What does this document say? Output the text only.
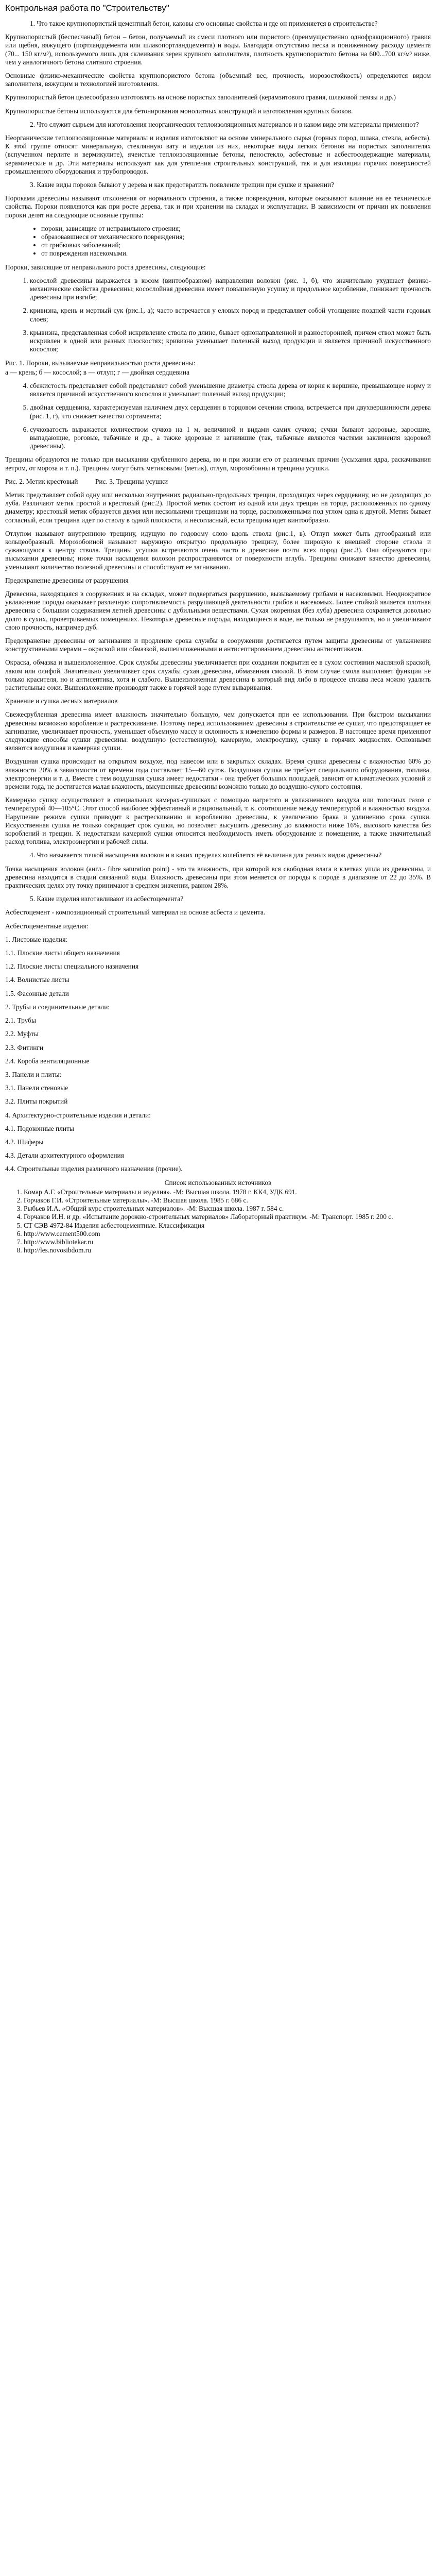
Контрольная работа по "Строительству"

1. Что такое крупнопористый цементный бетон, каковы его основные свойства и где он применяется в строительстве?

Крупнопористый (беспесчаный) бетон – бетон, получаемый из смеси плотного или пористого (преимущественно однофракционного) гравия или щебня, вяжущего (портландцемента или шлакопортландцемента) и воды. Благодаря отсутствию песка и пониженному расходу цемента (70... 150 кг/м³), используемого лишь для склеивания зерен крупного заполнителя, плотность крупнопористого бетона на 600...700 кг/м³ ниже, чем у аналогичного бетона слитного строения.

Основные физико-механические свойства крупнопористого бетона (объемный вес, прочность, морозостойкость) определяются видом заполнителя, вяжущим и технологией изготовления.

Крупнопористый бетон целесообразно изготовлять на основе пористых заполнителей (керамзитового гравия, шлаковой пемзы и др.)

Крупнопористые бетоны используются для бетонирования монолитных конструкций и изготовления крупных блоков.

2. Что служит сырьем для изготовления неорганических теплоизоляционных материалов и в каком виде эти материалы применяют?

Неорганические теплоизоляционные материалы и изделия изготовляют на основе минерального сырья (горных пород, шлака, стекла, асбеста). К этой группе относят минеральную, стеклянную вату и изделия из них, некоторые виды легких бетонов на пористых заполнителях (вспученном перлите и вермикулите), ячеистые теплоизоляционные бетоны, пеностекло, асбестовые и асбестосодержащие материалы, керамические и др. Эти материалы используют как для утепления строительных конструкций, так и для изоляции горячих поверхностей промышленного оборудования и трубопроводов.

3. Какие виды пороков бывают у дерева и как предотвратить появление трещин при сушке и хранении?

Пороками древесины называют отклонения от нормального строения, а также повреждения, которые оказывают влияние на ее технические свойства. Пороки появляются как при росте дерева, так и при хранении на складах и эксплуатации. В зависимости от причин их появления пороки делят на следующие основные группы:

• пороки, зависящие от неправильного строения;
• образовавшиеся от механического повреждения;
• от грибковых заболеваний;
• от повреждения насекомыми.

Пороки, зависящие от неправильного роста древесины, следующие:

1. косослой древесины выражается в косом (винтообразном) направлении волокон (рис. 1, б), что значительно ухудшает физико-механические свойства древесины; косослойная древесина имеет повышенную усушку и продольное коробление, понижает прочность древесины при изгибе;
2. кривизна, крень и мертвый сук (рис.1, а); часто встречается у еловых пород и представляет собой утолщение поздней части годовых слоев;
3. крывизна, представленная собой искривление ствола по длине, бывает однонаправленной и разносторонней, причем ствол может быть искривлен в одной или разных плоскостях; кривизна уменьшает полезный выход продукции и является причиной искусственного косослоя;

Рис. 1. Пороки, вызываемые неправильностью роста древесины:

а — крень; б — косослой; в — отлуп; г — двойная сердцевина

4. сбежистость представляет собой представляет собой уменьшение диаметра ствола дерева от корня к вершине, превышающее норму и является причиной искусственного косослоя и уменьшает полезный выход продукции;
5. двойная сердцевина, характеризуемая наличием двух сердцевин в торцовом сечении ствола, встречается при двухвершинности дерева (рис. 1, г), что снижает качество сортамента;
6. сучковатость выражается количеством сучков на 1 м, величиной и видами самих сучков; сучки бывают здоровые, заросшие, выпадающие, роговые, табачные и др., а также здоровые и загнившие (так, табачные являются частями заклинения здоровой древесины).

Трещины образуются не только при высыхании срубленного дерева, но и при жизни его от различных причин (усыхания ядра, раскачивания ветром, от мороза и т. п.). Трещины могут быть метиковыми (метик), отлуп, морозобоины и трещины усушки.

Рис. 2. Метик крестовый          Рис. 3. Трещины усушки

Метик представляет собой одну или несколько внутренних радиально-продольных трещин, проходящих через сердцевину, но не доходящих до луба. Различают метик простой и крестовый (рис.2). Простой метик состоит из одной или двух трещин на торце, расположенных по одному диаметру; крестовый метик образуется двумя или несколькими трещинами на торце, расположенными под углом одна к другой. Метик бывает согласный, если трещина идет по стволу в одной плоскости, и несогласный, если трещина идет винтообразно.

Отлупом называют внутреннюю трещину, идущую по годовому слою вдоль ствола (рис.1, в). Отлуп может быть дугообразный или кольцеобразный. Морозобоиной называют наружную открытую продольную трещину, более широкую к внешней стороне ствола и сужающуюся к центру ствола. Трещины усушки встречаются очень часто в древесине почти всех пород (рис.3). Они образуются при высыхании древесины; ниже точки насыщения волокон распространяются от поверхности вглубь. Трещины снижают качество древесины, уменьшают количество полезной древесины и способствуют ее загниванию.

Предохранение древесины от разрушения

Древесина, находящаяся в сооружениях и на складах, может подвергаться разрушению, вызываемому грибами и насекомыми. Неоднократное увлажнение породы оказывает различную сопротивляемость разрушающей деятельности грибов и насекомых. Более стойкой является плотная древесина с большим содержанием летней древесины с дубильными веществами. Сухая окоренная (без луба) древесина сохраняется довольно долго в сухих, проветриваемых помещениях. Некоторые древесные породы, находящиеся в воде, не только не разрушаются, но и увеличивают свою прочность, например дуб.

Предохранение древесины от загнивания и продление срока службы в сооружении достигается путем защиты древесины от увлажнения конструктивными мерами – окраской или обмазкой, вышеизложенными и антисептированием древесины антисептиками.

Окраска, обмазка и вышеизложенное. Срок службы древесины увеличивается при создании покрытия ее в сухом состоянии масляной краской, лаком или олифой. Значительно увеличивает срок службы сухая древесина, обмазанная смолой. В этом случае смола выполняет функции не только красителя, но и антисептика, хотя и слабого. Вышеизложенная древесина в который вид либо в процессе сплава леса можно удалить растительные соки. Вышеизложение производят также в горячей воде путем вываривания.

Хранение и сушка лесных материалов

Свежесрубленная древесина имеет влажность значительно большую, чем допускается при ее использовании. При быстром высыхании древесины возможно коробление и растрескивание. Поэтому перед использованием древесины в строительстве ее сушат, что предотвращает ее загнивание, увеличивает прочность, уменьшает объемную массу и склонность к изменению формы и размеров. В настоящее время применяют следующие способы сушки древесины: воздушную (естественную), камерную, электросушку, сушку в горячих жидкостях. Основными являются воздушная и камерная сушки.

Воздушная сушка происходит на открытом воздухе, под навесом или в закрытых складах. Время сушки древесины с влажностью 60% до влажности 20% в зависимости от времени года составляет 15—60 суток. Воздушная сушка не требует специального оборудования, топлива, электроэнергии и т. д. Вместе с тем воздушная сушка имеет недостатки - она требует больших площадей, зависит от климатических условий и времени года, не достигается малая влажность, высушенные древесины возможно только до воздушно-сухого состояния.

Камерную сушку осуществляют в специальных камерах-сушилках с помощью нагретого и увлажненного воздуха или топочных газов с температурой 40—105°С. Этот способ наиболее эффективный и рациональный, т. к. соотношение между температурой и влажностью воздуха. Нарушение режима сушки приводит к растрескиванию и короблению древесины, к увеличению брака и удлинению срока сушки. Искусственная сушка не только сокращает срок сушки, но позволяет высушить древесину до влажности ниже 16%, высокого качества без короблений и трещин. К недостаткам камерной сушки относится необходимость иметь оборудование и помещение, а также значительный расход топлива, электроэнергии и рабочей силы.

4. Что называется точкой насыщения волокон и в каких пределах колеблется её величина для разных видов древесины?

Точка насыщения волокон (англ.- fibre saturation point) - это та влажность, при которой вся свободная влага в клетках ушла из древесины, и древесина находится в стадии связанной воды. Влажность древесины при этом меняется от породы к породе в диапазоне от 22 до 35%. В практических целях эту точку принимают в среднем значении, равном 28%.

5. Какие изделия изготавливают из асбестоцемента?

Асбестоцемент - композиционный строительный материал на основе асбеста и цемента.

Асбестоцементные изделия:

1. Листовые изделия:

1.1. Плоские листы общего назначения

1.2. Плоские листы специального назначения

1.4. Волнистые листы

1.5. Фасонные детали

2. Трубы и соединительные детали:

2.1. Трубы

2.2. Муфты

2.3. Фитинги

2.4. Короба вентиляционные

3. Панели и плиты:

3.1. Панели стеновые

3.2. Плиты покрытий

4. Архитектурно-строительные изделия и детали:

4.1. Подоконные плиты

4.2. Шиферы

4.3. Детали архитектурного оформления

4.4. Строительные изделия различного назначения (прочие).

Список использованных источников

1. Комар А.Г. «Строительные материалы и изделия». -М: Высшая школа. 1978 г. КК4, УДК 691.
2. Горчаков Г.И. «Строительные материалы». -М: Высшая школа. 1985 г. 686 с.
3. Рыбьев И.А. «Общий курс строительных материалов». -М: Высшая школа. 1987 г. 584 с.
4. Горчаков И.Н. и др. «Испытание дорожно-строительных материалов» Лабораторный практикум. -М: Транспорт. 1985 г. 200 с.
5. СТ СЭВ 4972-84 Изделия асбестоцементные. Классификация
6. http://www.cement500.com
7. http://www.bibliotekar.ru
8. http://les.novosibdom.ru
